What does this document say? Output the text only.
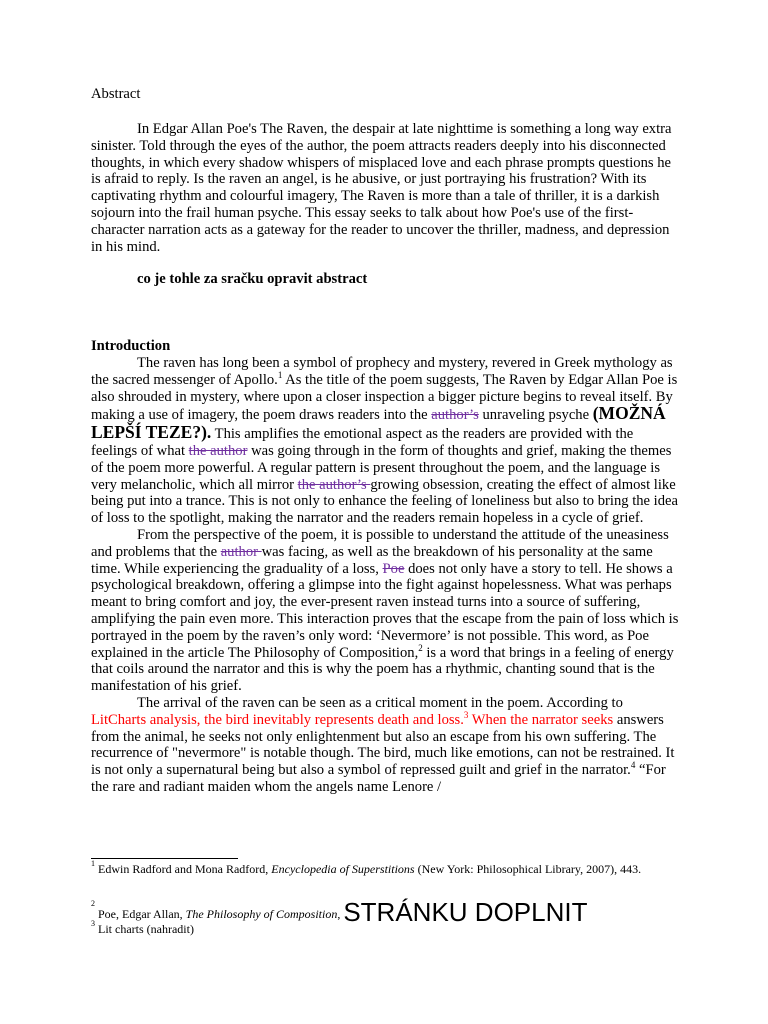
Abstract
In Edgar Allan Poe's The Raven, the despair at late nighttime is something a long way extra sinister. Told through the eyes of the author, the poem attracts readers deeply into his disconnected thoughts, in which every shadow whispers of misplaced love and each phrase prompts questions he is afraid to reply. Is the raven an angel, is he abusive, or just portraying his frustration? With its captivating rhythm and colourful imagery, The Raven is more than a tale of thriller, it is a darkish sojourn into the frail human psyche. This essay seeks to talk about how Poe's use of the first-character narration acts as a gateway for the reader to uncover the thriller, madness, and depression in his mind.
co je tohle za sračku opravit abstract
Introduction

The raven has long been a symbol of prophecy and mystery, revered in Greek mythology as the sacred messenger of Apollo.$^1$ As the title of the poem suggests, The Raven by Edgar Allan Poe is also shrouded in mystery, where upon a closer inspection a bigger picture begins to reveal itself. By making a use of imagery, the poem draws readers into the author’s unraveling psyche (MOŽNÁ LEPŠÍ TEZE?). This amplifies the emotional aspect as the readers are provided with the feelings of what the author was going through in the form of thoughts and grief, making the themes of the poem more powerful. A regular pattern is present throughout the poem, and the language is very melancholic, which all mirror the author’s growing obsession, creating the effect of almost like being put into a trance. This is not only to enhance the feeling of loneliness but also to bring the idea of loss to the spotlight, making the narrator and the readers remain hopeless in a cycle of grief.

From the perspective of the poem, it is possible to understand the attitude of the uneasiness and problems that the author was facing, as well as the breakdown of his personality at the same time. While experiencing the graduality of a loss, Poe does not only have a story to tell. He shows a psychological breakdown, offering a glimpse into the fight against hopelessness. What was perhaps meant to bring comfort and joy, the ever-present raven instead turns into a source of suffering, amplifying the pain even more. This interaction proves that the escape from the pain of loss which is portrayed in the poem by the raven’s only word: ‘Nevermore’ is not possible. This word, as Poe explained in the article The Philosophy of Composition,$^2$ is a word that brings in a feeling of energy that coils around the narrator and this is why the poem has a rhythmic, chanting sound that is the manifestation of his grief.

The arrival of the raven can be seen as a critical moment in the poem. According to LitCharts analysis, the bird inevitably represents death and loss.$^3$ When the narrator seeks answers from the animal, he seeks not only enlightenment but also an escape from his own suffering. The recurrence of "nevermore" is notable though. The bird, much like emotions, can not be restrained. It is not only a supernatural being but also a symbol of repressed guilt and grief in the narrator.$^4$ “For the rare and radiant maiden whom the angels name Lenore /

$^1$ Edwin Radford and Mona Radford, Encyclopedia of Superstitions (New York: Philosophical Library, 2007), 443.
$^2$ Poe, Edgar Allan, The Philosophy of Composition, STRÁNKU DOPLNIT
$^3$ Lit charts (nahradit)
